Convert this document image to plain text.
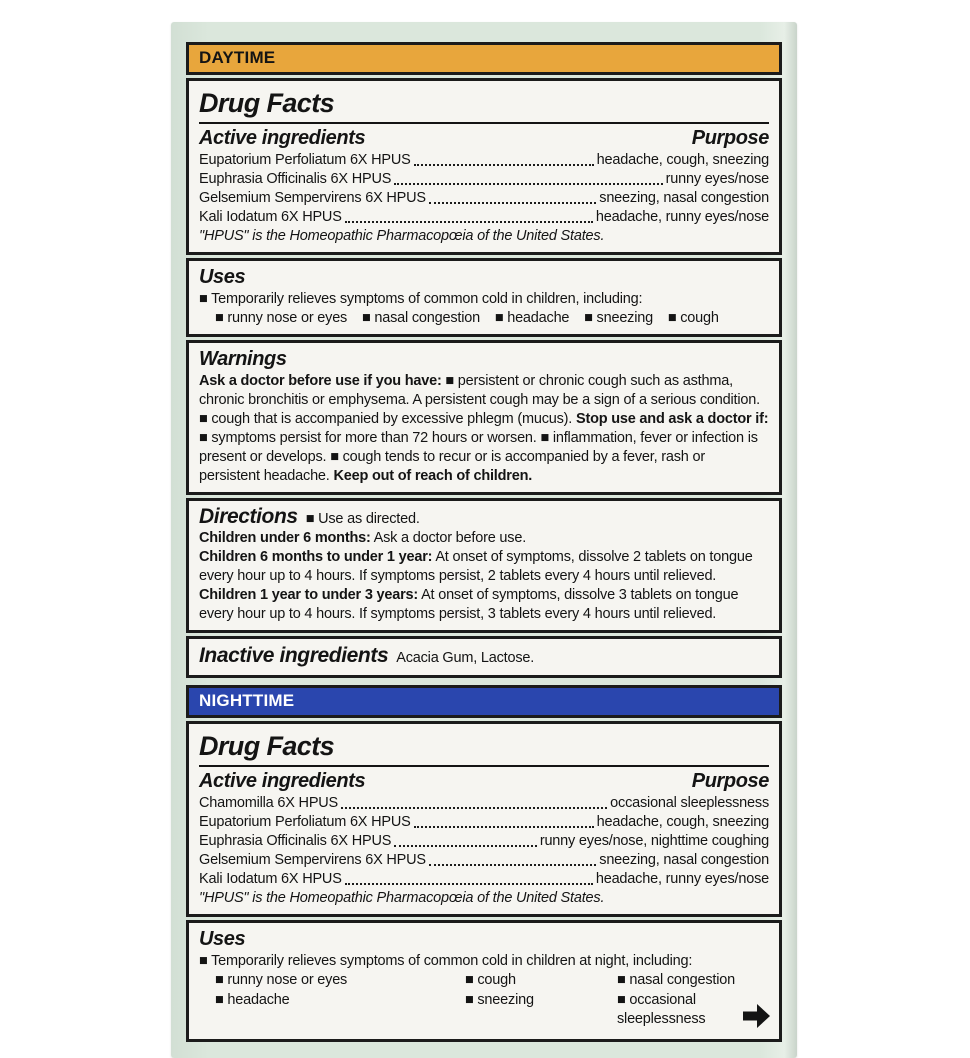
DAYTIME
Drug Facts
Active ingredients	Purpose
Eupatorium Perfoliatum 6X HPUS	headache, cough, sneezing
Euphrasia Officinalis 6X HPUS	runny eyes/nose
Gelsemium Sempervirens 6X HPUS	sneezing, nasal congestion
Kali Iodatum 6X HPUS	headache, runny eyes/nose
"HPUS" is the Homeopathic Pharmacopœia of the United States.
Uses
■ Temporarily relieves symptoms of common cold in children, including:
■ runny nose or eyes ■ nasal congestion ■ headache ■ sneezing ■ cough
Warnings
Ask a doctor before use if you have: ■ persistent or chronic cough such as asthma, chronic bronchitis or emphysema. A persistent cough may be a sign of a serious condition. ■ cough that is accompanied by excessive phlegm (mucus). Stop use and ask a doctor if: ■ symptoms persist for more than 72 hours or worsen. ■ inflammation, fever or infection is present or develops. ■ cough tends to recur or is accompanied by a fever, rash or persistent headache. Keep out of reach of children.
Directions ■ Use as directed.
Children under 6 months: Ask a doctor before use.
Children 6 months to under 1 year: At onset of symptoms, dissolve 2 tablets on tongue every hour up to 4 hours. If symptoms persist, 2 tablets every 4 hours until relieved.
Children 1 year to under 3 years: At onset of symptoms, dissolve 3 tablets on tongue every hour up to 4 hours. If symptoms persist, 3 tablets every 4 hours until relieved.
Inactive ingredients Acacia Gum, Lactose.
NIGHTTIME
Drug Facts
Active ingredients	Purpose
Chamomilla 6X HPUS	occasional sleeplessness
Eupatorium Perfoliatum 6X HPUS	headache, cough, sneezing
Euphrasia Officinalis 6X HPUS	runny eyes/nose, nighttime coughing
Gelsemium Sempervirens 6X HPUS	sneezing, nasal congestion
Kali Iodatum 6X HPUS	headache, runny eyes/nose
"HPUS" is the Homeopathic Pharmacopœia of the United States.
Uses
■ Temporarily relieves symptoms of common cold in children at night, including:
■ runny nose or eyes	■ cough	■ nasal congestion
■ headache	■ sneezing	■ occasional sleeplessness
